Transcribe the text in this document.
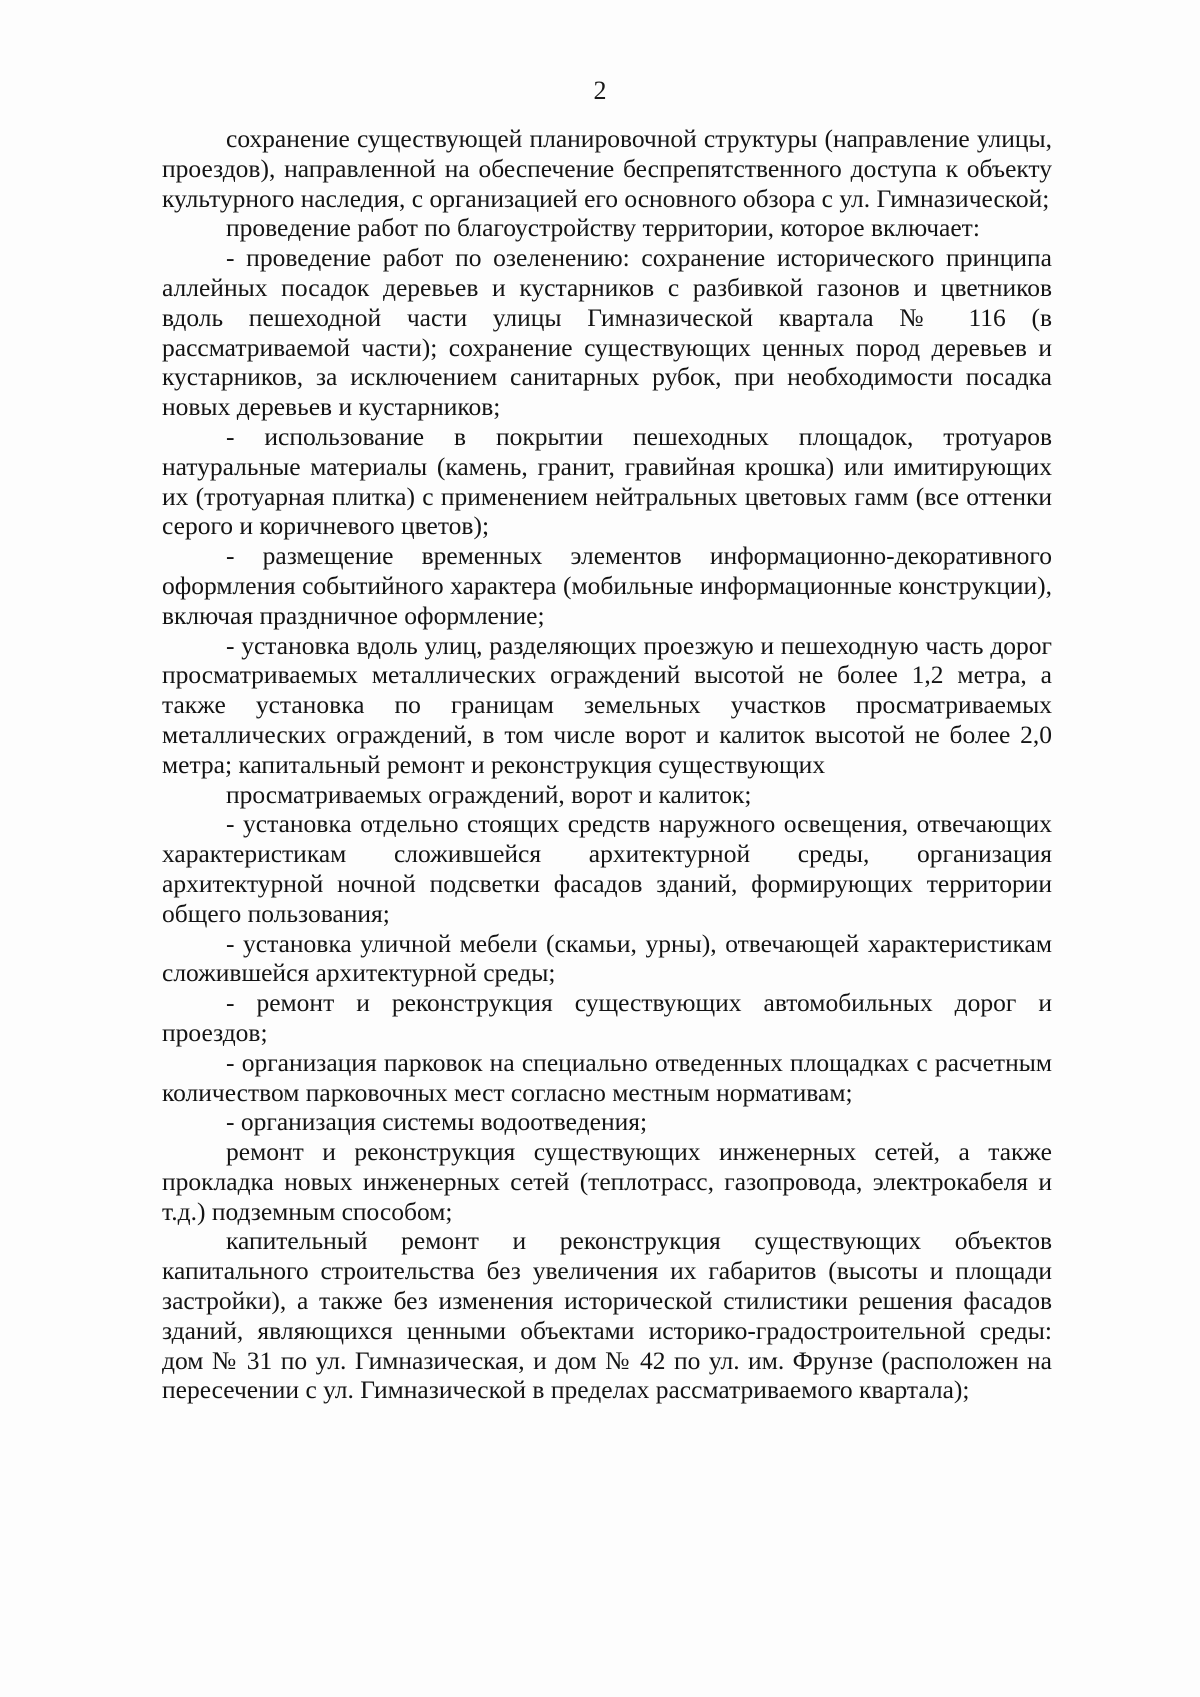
2

сохранение существующей планировочной структуры (направление улицы, проездов), направленной на обеспечение беспрепятственного доступа к объекту культурного наследия, с организацией его основного обзора с ул. Гимназической;

проведение работ по благоустройству территории, которое включает:

- проведение работ по озеленению: сохранение исторического принципа аллейных посадок деревьев и кустарников с разбивкой газонов и цветников вдоль пешеходной части улицы Гимназической квартала № 116 (в рассматриваемой части); сохранение существующих ценных пород деревьев и кустарников, за исключением санитарных рубок, при необходимости посадка новых деревьев и кустарников;

- использование в покрытии пешеходных площадок, тротуаров натуральные материалы (камень, гранит, гравийная крошка) или имитирующих их (тротуарная плитка) с применением нейтральных цветовых гамм (все оттенки серого и коричневого цветов);

- размещение временных элементов информационно-декоративного оформления событийного характера (мобильные информационные конструкции), включая праздничное оформление;

- установка вдоль улиц, разделяющих проезжую и пешеходную часть дорог просматриваемых металлических ограждений высотой не более 1,2 метра, а также установка по границам земельных участков просматриваемых металлических ограждений, в том числе ворот и калиток высотой не более 2,0 метра; капитальный ремонт и реконструкция существующих

просматриваемых ограждений, ворот и калиток;

- установка отдельно стоящих средств наружного освещения, отвечающих характеристикам сложившейся архитектурной среды, организация архитектурной ночной подсветки фасадов зданий, формирующих территории общего пользования;

- установка уличной мебели (скамьи, урны), отвечающей характеристикам сложившейся архитектурной среды;

- ремонт и реконструкция существующих автомобильных дорог и проездов;

- организация парковок на специально отведенных площадках с расчетным количеством парковочных мест согласно местным нормативам;

- организация системы водоотведения;

ремонт и реконструкция существующих инженерных сетей, а также прокладка новых инженерных сетей (теплотрасс, газопровода, электрокабеля и т.д.) подземным способом;

капительный ремонт и реконструкция существующих объектов капитального строительства без увеличения их габаритов (высоты и площади застройки), а также без изменения исторической стилистики решения фасадов зданий, являющихся ценными объектами историко-градостроительной среды: дом № 31 по ул. Гимназическая, и дом № 42 по ул. им. Фрунзе (расположен на пересечении с ул. Гимназической в пределах рассматриваемого квартала);
